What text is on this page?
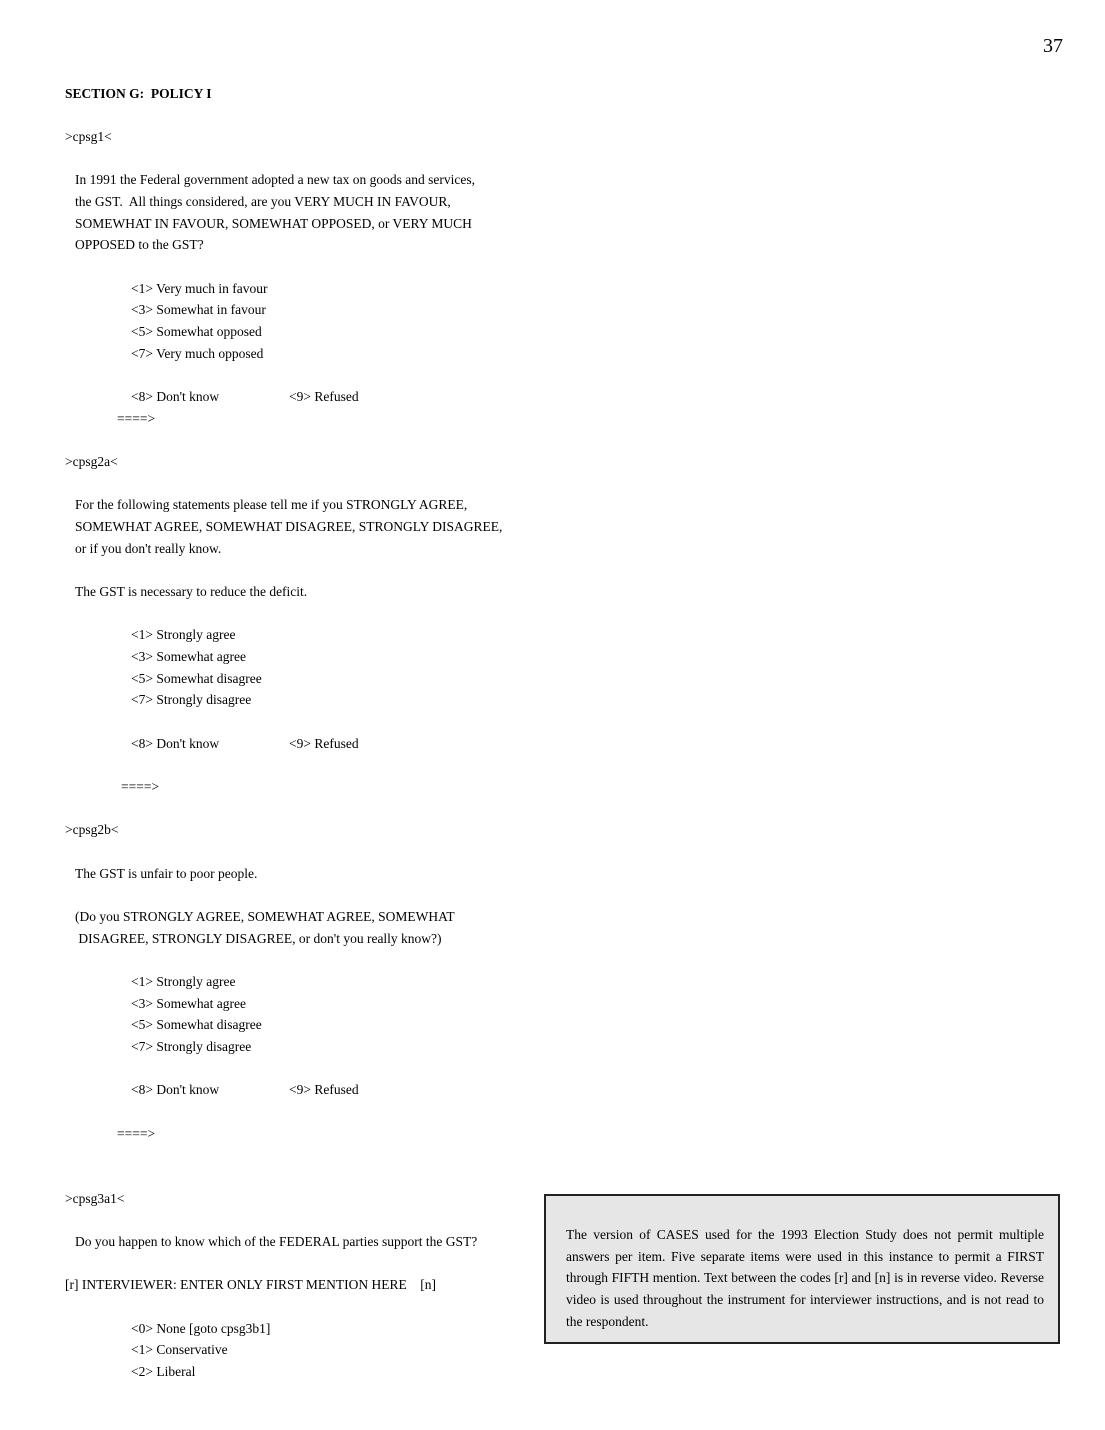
37
SECTION G:  POLICY I
>cpsg1<
In 1991 the Federal government adopted a new tax on goods and services,
the GST.  All things considered, are you VERY MUCH IN FAVOUR,
SOMEWHAT IN FAVOUR, SOMEWHAT OPPOSED, or VERY MUCH
OPPOSED to the GST?
<1> Very much in favour
<3> Somewhat in favour
<5> Somewhat opposed
<7> Very much opposed
<8> Don't know	<9> Refused
====>
>cpsg2a<
For the following statements please tell me if you STRONGLY AGREE,
SOMEWHAT AGREE, SOMEWHAT DISAGREE, STRONGLY DISAGREE,
or if you don't really know.
The GST is necessary to reduce the deficit.
<1> Strongly agree
<3> Somewhat agree
<5> Somewhat disagree
<7> Strongly disagree
<8> Don't know	<9> Refused
====>
>cpsg2b<
The GST is unfair to poor people.
(Do you STRONGLY AGREE, SOMEWHAT AGREE, SOMEWHAT
DISAGREE, STRONGLY DISAGREE, or don't you really know?)
<1> Strongly agree
<3> Somewhat agree
<5> Somewhat disagree
<7> Strongly disagree
<8> Don't know	<9> Refused
====>
>cpsg3a1<
Do you happen to know which of the FEDERAL parties support the GST?
[r] INTERVIEWER: ENTER ONLY FIRST MENTION HERE    [n]
<0> None [goto cpsg3b1]
<1> Conservative
<2> Liberal
The version of CASES used for the 1993 Election Study does not permit multiple answers per item. Five separate items were used in this instance to permit a FIRST through FIFTH mention. Text between the codes [r] and [n] is in reverse video. Reverse video is used throughout the instrument for interviewer instructions, and is not read to the respondent.
